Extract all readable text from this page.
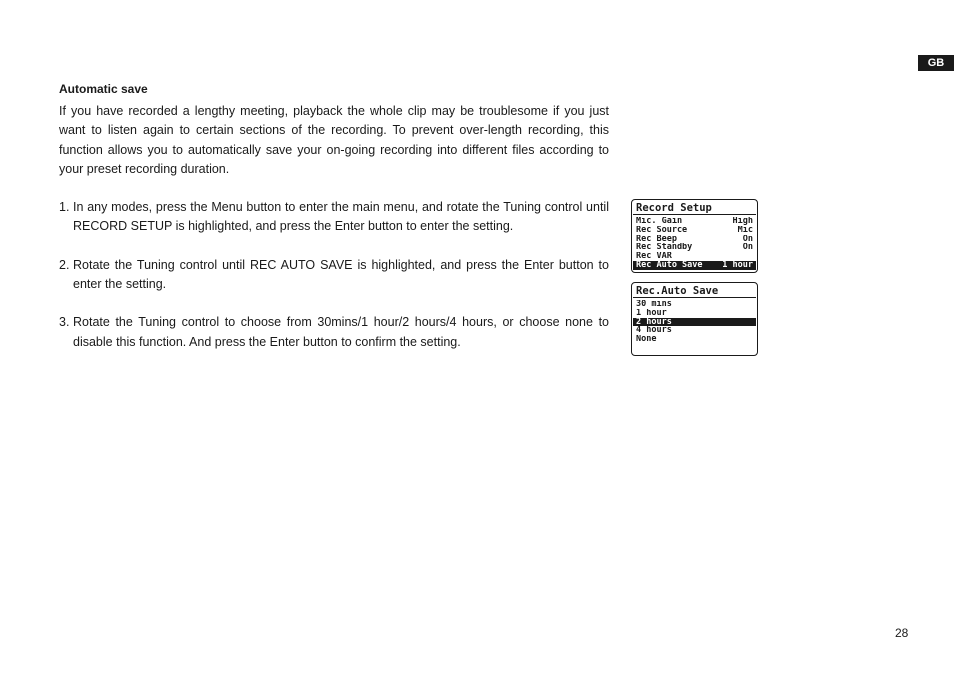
GB
Automatic save

If you have recorded a lengthy meeting, playback the whole clip may be troublesome if you just want to listen again to certain sections of the recording. To prevent over-length recording, this function allows you to automatically save your on-going recording into different files according to your preset recording duration.

1. In any modes, press the Menu button to enter the main menu, and rotate the Tuning control until RECORD SETUP is highlighted, and press the Enter button to enter the setting.
2. Rotate the Tuning control until REC AUTO SAVE is highlighted, and press the Enter button to enter the setting.
3. Rotate the Tuning control to choose from 30mins/1 hour/2 hours/4 hours, or choose none to disable this function. And press the Enter button to confirm the setting.
Record Setup
Mic. Gain	High
Rec Source	Mic
Rec Beep	On
Rec Standby	On
Rec VAR
Rec Auto Save 1 hour
Rec.Auto Save
30 mins
1 hour
2 hours
4 hours
None
28
